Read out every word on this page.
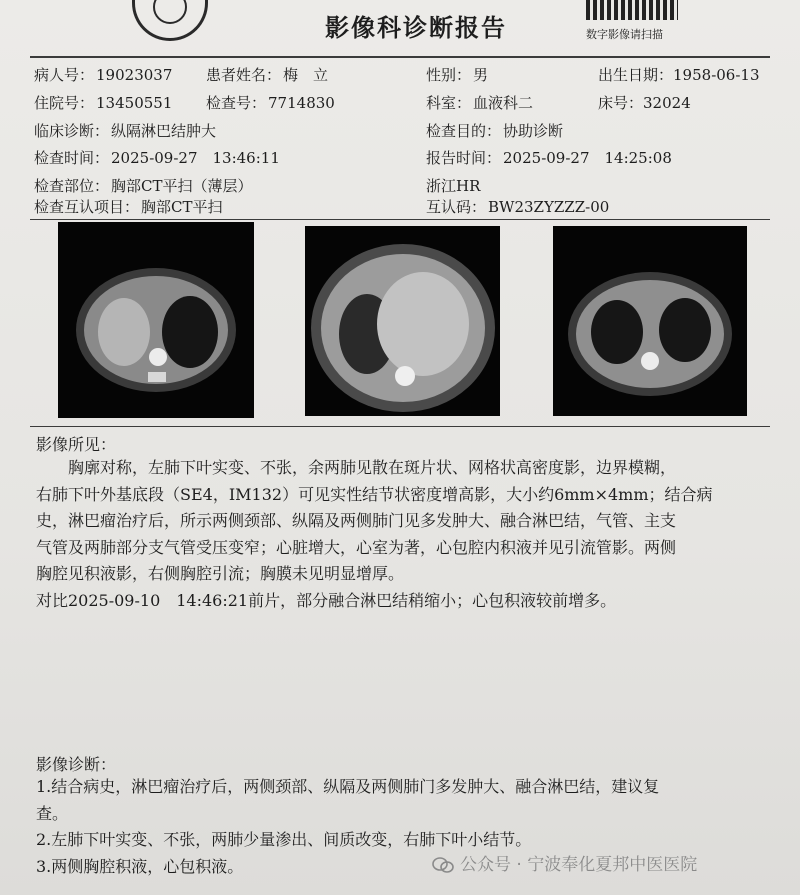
影像科诊断报告	数字影像请扫描
病人号： 19023037 患者姓名： 梅　立	性别： 男	出生日期：1958-06-13
住院号： 13450551 检查号： 7714830	科室： 血液科二	床号：32024
临床诊断： 纵隔淋巴结肿大	检查目的： 协助诊断
检查时间： 2025-09-27　13:46:11	报告时间： 2025-09-27　14:25:08
检查部位： 胸部CT平扫（薄层）	浙江HR
检查互认项目： 胸部CT平扫	互认码： BW23ZYZZZ-00
影像所见：
　　胸廓对称，左肺下叶实变、不张，余两肺见散在斑片状、网格状高密度影，边界模糊，
右肺下叶外基底段（SE4，IM132）可见实性结节状密度增高影，大小约6mm×4mm；结合病
史，淋巴瘤治疗后，所示两侧颈部、纵隔及两侧肺门见多发肿大、融合淋巴结，气管、主支
气管及两肺部分支气管受压变窄；心脏增大，心室为著，心包腔内积液并见引流管影。两侧
胸腔见积液影，右侧胸腔引流；胸膜未见明显增厚。
对比2025-09-10　14:46:21前片，部分融合淋巴结稍缩小；心包积液较前增多。
影像诊断：
1.结合病史，淋巴瘤治疗后，两侧颈部、纵隔及两侧肺门多发肿大、融合淋巴结，建议复
查。
2.左肺下叶实变、不张，两肺少量渗出、间质改变，右肺下叶小结节。
3.两侧胸腔积液，心包积液。	公众号 · 宁波奉化夏邦中医医院
